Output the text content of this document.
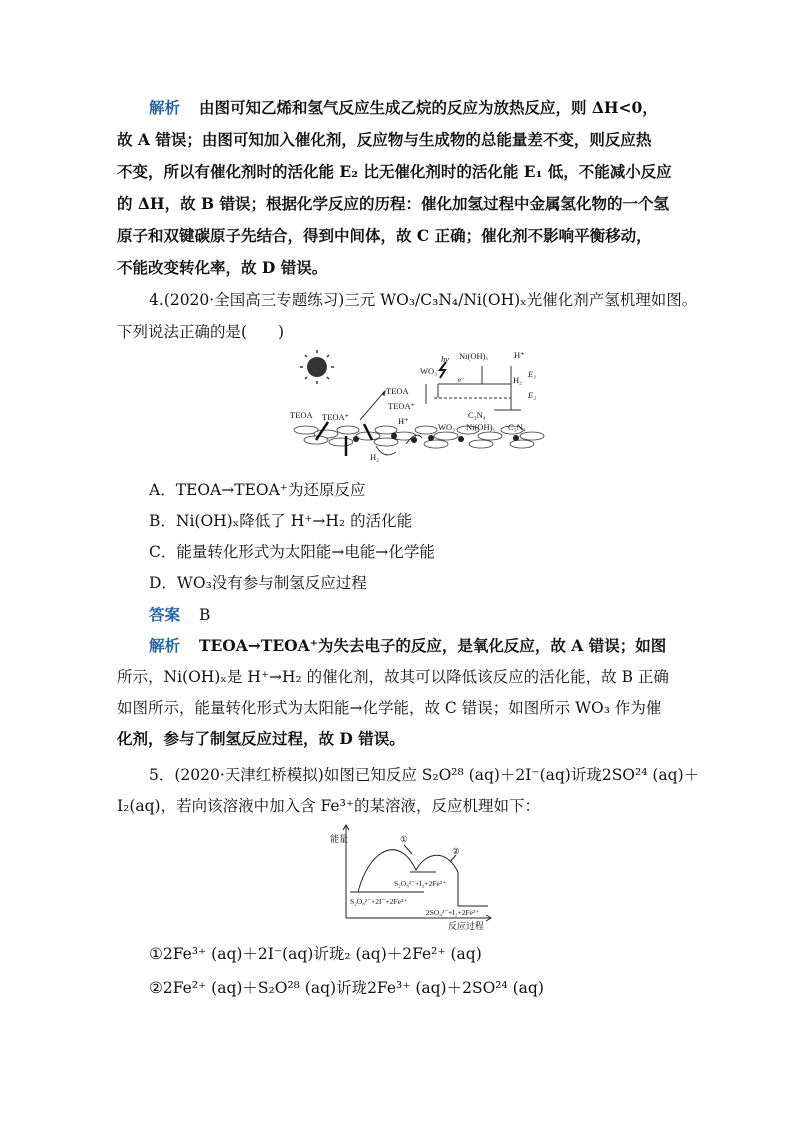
解析 由图可知乙烯和氢气反应生成乙烷的反应为放热反应，则 ΔH<0，
故 A 错误；由图可知加入催化剂，反应物与生成物的总能量差不变，则反应热
不变，所以有催化剂时的活化能 E₂ 比无催化剂时的活化能 E₁ 低，不能减小反应
的 ΔH，故 B 错误；根据化学反应的历程：催化加氢过程中金属氢化物的一个氢
原子和双键碳原子先结合，得到中间体，故 C 正确；催化剂不影响平衡移动，
不能改变转化率，故 D 错误。
4.(2020·全国高三专题练习)三元 WO₃/C₃N₄/Ni(OH)ₓ光催化剂产氢机理如图。
下列说法正确的是(　　)
hν Ni(OH)ₓ	H⁺
WO₃
e⁻
TEOA
TEOA⁺
E₁
E₂
H₂
C₃N₄
H⁺
WO₃ Ni(OH)ₓ C₃N₄
H₂
TEOA TEOA⁺
A．TEOA→TEOA⁺为还原反应
B．Ni(OH)ₓ降低了 H⁺→H₂ 的活化能
C．能量转化形式为太阳能→电能→化学能
D．WO₃没有参与制氢反应过程
答案 B
解析 TEOA→TEOA⁺为失去电子的反应，是氧化反应，故 A 错误；如图
所示，Ni(OH)ₓ是 H⁺→H₂ 的催化剂，故其可以降低该反应的活化能，故 B 正确
如图所示，能量转化形式为太阳能→化学能，故 C 错误；如图所示 WO₃ 作为催
化剂，参与了制氢反应过程，故 D 错误。
5．(2020·天津红桥模拟)如图已知反应 S₂O²⁸ (aq)＋2I⁻(aq)䜣珑2SO²⁴ (aq)＋
I₂(aq)，若向该溶液中加入含 Fe³⁺的某溶液，反应机理如下：
能量
反应过程
①
②
S₂O₈²⁻+2I⁻+2Fe³⁺
S₂O₈²⁻+I₂+2Fe²⁺
2SO₄²⁻+I₂+2Fe³⁺
①2Fe³⁺ (aq)＋2I⁻(aq)䜣珑₂ (aq)＋2Fe²⁺ (aq)
②2Fe²⁺ (aq)＋S₂O²⁸ (aq)䜣珑2Fe³⁺ (aq)＋2SO²⁴ (aq)
